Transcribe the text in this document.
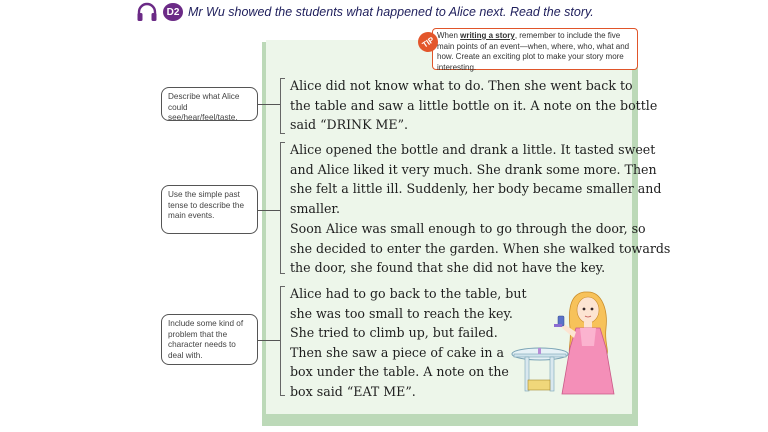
D2 Mr Wu showed the students what happened to Alice next. Read the story.
When writing a story, remember to include the five main points of an event—when, where, who, what and how. Create an exciting plot to make your story more interesting.
TIP
Describe what Alice could see/hear/feel/taste.
Use the simple past tense to describe the main events.
Include some kind of problem that the character needs to deal with.

Alice did not know what to do. Then she went back to

the table and saw a little bottle on it. A note on the bottle

said “DRINK ME”.

Alice opened the bottle and drank a little. It tasted sweet

and Alice liked it very much. She drank some more. Then

she felt a little ill. Suddenly, her body became smaller and

smaller.

Soon Alice was small enough to go through the door, so

she decided to enter the garden. When she walked towards

the door, she found that she did not have the key.

Alice had to go back to the table, but

she was too small to reach the key.

She tried to climb up, but failed.

Then she saw a piece of cake in a

box under the table. A note on the

box said “EAT ME”.
